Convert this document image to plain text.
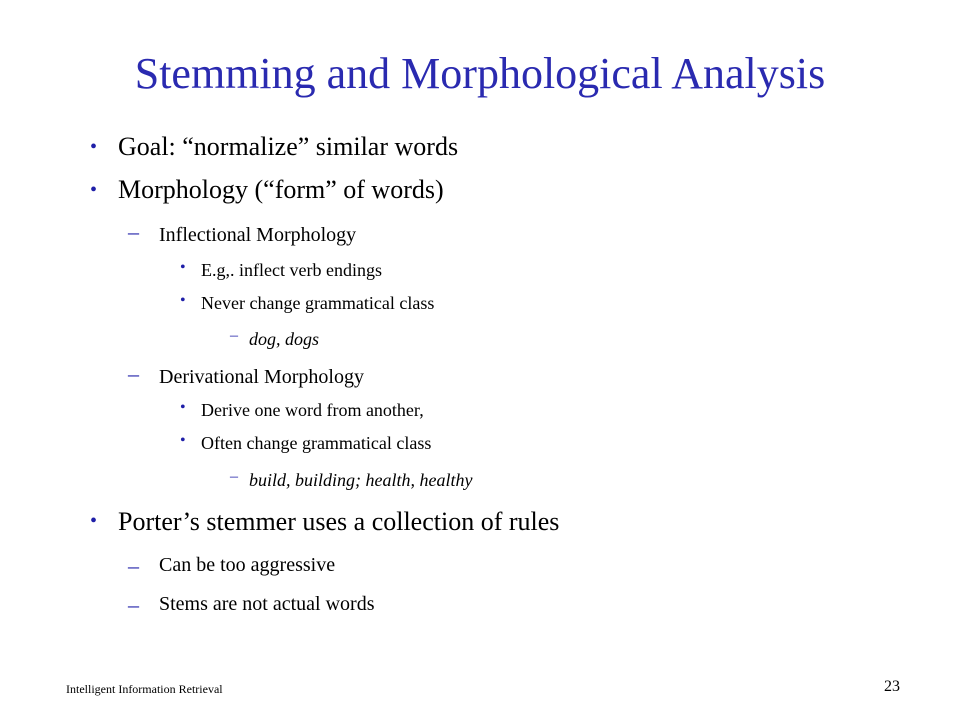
Stemming and Morphological Analysis
• Goal: “normalize” similar words
• Morphology (“form” of words)
– Inflectional Morphology
• E.g,. inflect verb endings
• Never change grammatical class
– dog, dogs
– Derivational Morphology
• Derive one word from another,
• Often change grammatical class
– build, building; health, healthy
• Porter’s stemmer uses a collection of rules
– Can be too aggressive
– Stems are not actual words
Intelligent Information Retrieval	23
